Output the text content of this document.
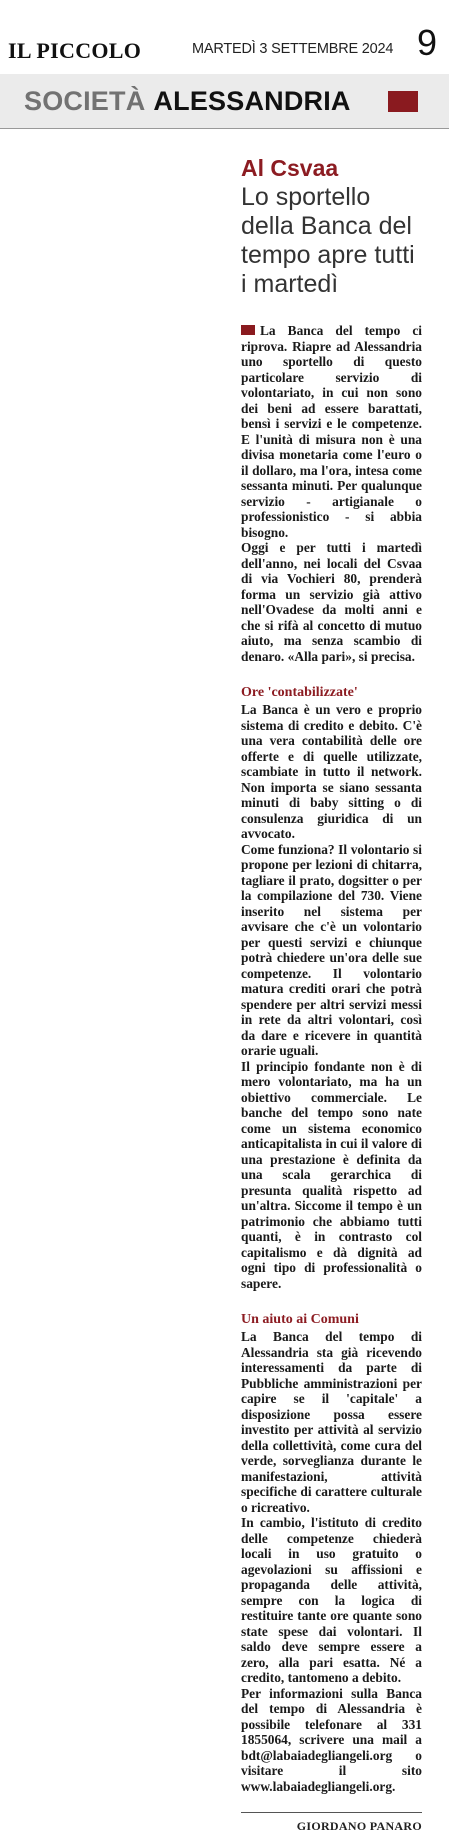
IL PICCOLO	MARTEDÌ 3 SETTEMBRE 2024 9
SOCIETÀ ALESSANDRIA
Al Csvaa
Lo sportello della Banca del tempo apre tutti i martedì

La Banca del tempo ci riprova. Riapre ad Alessandria uno sportello di questo particolare servizio di volontariato, in cui non sono dei beni ad essere barattati, bensì i servizi e le competenze. E l'unità di misura non è una divisa monetaria come l'euro o il dollaro, ma l'ora, intesa come sessanta minuti. Per qualunque servizio - artigianale o professionistico - si abbia bisogno.

Oggi e per tutti i martedì dell'anno, nei locali del Csvaa di via Vochieri 80, prenderà forma un servizio già attivo nell'Ovadese da molti anni e che si rifà al concetto di mutuo aiuto, ma senza scambio di denaro. «Alla pari», si precisa.

Ore 'contabilizzate'

La Banca è un vero e proprio sistema di credito e debito. C'è una vera contabilità delle ore offerte e di quelle utilizzate, scambiate in tutto il network. Non importa se siano sessanta minuti di baby sitting o di consulenza giuridica di un avvocato.

Come funziona? Il volontario si propone per lezioni di chitarra, tagliare il prato, dogsitter o per la compilazione del 730. Viene inserito nel sistema per avvisare che c'è un volontario per questi servizi e chiunque potrà chiedere un'ora delle sue competenze. Il volontario matura crediti orari che potrà spendere per altri servizi messi in rete da altri volontari, così da dare e ricevere in quantità orarie uguali.

Il principio fondante non è di mero volontariato, ma ha un obiettivo commerciale. Le banche del tempo sono nate come un sistema economico anticapitalista in cui il valore di una prestazione è definita da una scala gerarchica di presunta qualità rispetto ad un'altra. Siccome il tempo è un patrimonio che abbiamo tutti quanti, è in contrasto col capitalismo e dà dignità ad ogni tipo di professionalità o sapere.

Un aiuto ai Comuni

La Banca del tempo di Alessandria sta già ricevendo interessamenti da parte di Pubbliche amministrazioni per capire se il 'capitale' a disposizione possa essere investito per attività al servizio della collettività, come cura del verde, sorveglianza durante le manifestazioni, attività specifiche di carattere culturale o ricreativo.

In cambio, l'istituto di credito delle competenze chiederà locali in uso gratuito o agevolazioni su affissioni e propaganda delle attività, sempre con la logica di restituire tante ore quante sono state spese dai volontari. Il saldo deve sempre essere a zero, alla pari esatta. Né a credito, tantomeno a debito.

Per informazioni sulla Banca del tempo di Alessandria è possibile telefonare al 331 1855064, scrivere una mail a bdt@labaiadegliangeli.org o visitare il sito www.labaiadegliangeli.org.

GIORDANO PANARO
